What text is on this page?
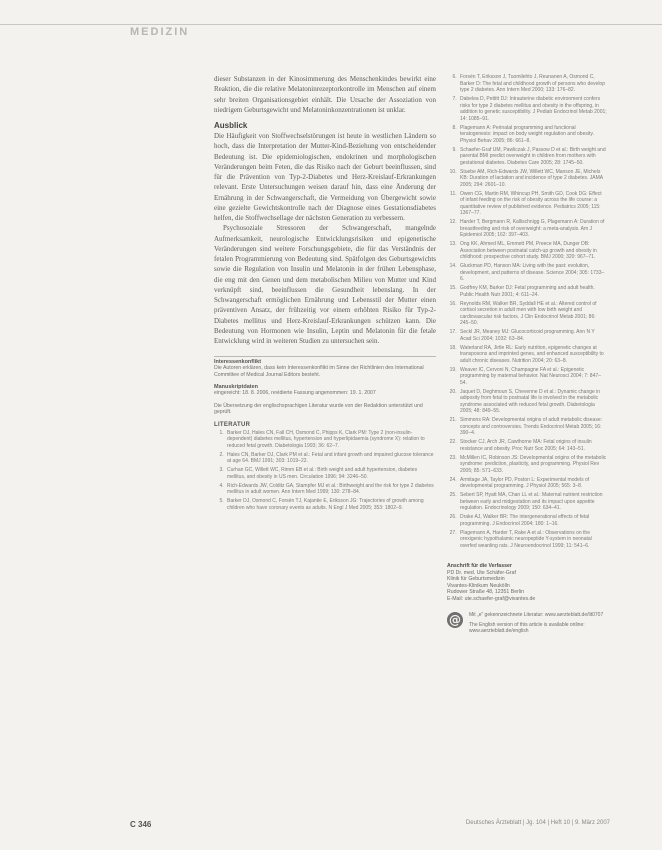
MEDIZIN

dieser Substanzen in der Kinosimmerung des Menschenkindes bewirkt eine Reaktion, die die relative Melatoninrezeptorkontrolle im Menschen auf einem sehr breiten Organisationsgebiet einhält. Die Ursache der Assoziation von niedrigem Geburtsgewicht und Melatoninkonzentrationen ist unklar.

Ausblick

Die Häufigkeit von Stoffwechselstörungen ist heute in westlichen Ländern so hoch, dass die Interpretation der Mutter-Kind-Beziehung von entscheidender Bedeutung ist. Die epidemiologischen, endokrinen und morphologischen Veränderungen beim Feten, die das Risiko nach der Geburt beeinflussen, sind für die Prävention von Typ-2-Diabetes und Herz-Kreislauf-Erkrankungen relevant. Erste Untersuchungen weisen darauf hin, dass eine Änderung der Ernährung in der Schwangerschaft, die Vermeidung von Übergewicht sowie eine gezielte Gewichtskontrolle nach der Diagnose eines Gestationsdiabetes helfen, die Stoffwechsellage der nächsten Generation zu verbessern.

Psychosoziale Stressoren der Schwangerschaft, mangelnde Aufmerksamkeit, neurologische Entwicklungsrisiken und epigenetische Veränderungen sind weitere Forschungsgebiete, die für das Verständnis der fetalen Programmierung von Bedeutung sind. Spätfolgen des Geburtsgewichts sowie die Regulation von Insulin und Melatonin in der frühen Lebensphase, die eng mit den Genen und dem metabolischen Milieu von Mutter und Kind verknüpft sind, beeinflussen die Gesundheit lebenslang. In der Schwangerschaft ermöglichen Ernährung und Lebensstil der Mutter einen präventiven Ansatz, der frühzeitig vor einem erhöhten Risiko für Typ-2-Diabetes mellitus und Herz-Kreislauf-Erkrankungen schützen kann. Die Bedeutung von Hormonen wie Insulin, Leptin und Melatonin für die fetale Entwicklung wird in weiteren Studien zu untersuchen sein.

Interessenkonflikt

Die Autoren erklären, dass kein Interessenkonflikt im Sinne der Richtlinien des International Committee of Medical Journal Editors besteht.

Manuskriptdaten

eingereicht: 18. 8. 2006, revidierte Fassung angenommen: 19. 1. 2007

Die Übersetzung der englischsprachigen Literatur wurde von der Redaktion unterstützt und geprüft.

LITERATUR
1. Barker DJ, Hales CN, Fall CH, Osmond C, Phipps K, Clark PM: Type 2 (non-insulin-dependent) diabetes mellitus, hypertension and hyperlipidaemia (syndrome X): relation to reduced fetal growth. Diabetologia 1993; 36: 62–7.
2. Hales CN, Barker DJ, Clark PM et al.: Fetal and infant growth and impaired glucose tolerance at age 64. BMJ 1991; 303: 1019–22.
3. Curhan GC, Willett WC, Rimm EB et al.: Birth weight and adult hypertension, diabetes mellitus, and obesity in US men. Circulation 1996; 94: 3246–50.
4. Rich-Edwards JW, Colditz GA, Stampfer MJ et al.: Birthweight and the risk for type 2 diabetes mellitus in adult women. Ann Intern Med 1999; 130: 278–84.
5. Barker DJ, Osmond C, Forsén TJ, Kajantie E, Eriksson JG: Trajectories of growth among children who have coronary events as adults. N Engl J Med 2005; 353: 1802–9.
6. Forsén T, Eriksson J, Tuomilehto J, Reunanen A, Osmond C, Barker D: The fetal and childhood growth of persons who develop type 2 diabetes. Ann Intern Med 2000; 133: 176–82.
7. Dabelea D, Pettitt DJ: Intrauterine diabetic environment confers risks for type 2 diabetes mellitus and obesity in the offspring, in addition to genetic susceptibility. J Pediatr Endocrinol Metab 2001; 14: 1085–91.
8. Plagemann A: Perinatal programming and functional teratogenesis: impact on body weight regulation and obesity. Physiol Behav 2005; 86: 661–8.
9. Schaefer-Graf UM, Pawliczak J, Passow D et al.: Birth weight and parental BMI predict overweight in children from mothers with gestational diabetes. Diabetes Care 2005; 28: 1745–50.
10. Stuebe AM, Rich-Edwards JW, Willett WC, Manson JE, Michels KB: Duration of lactation and incidence of type 2 diabetes. JAMA 2005; 294: 2601–10.
11. Owen CG, Martin RM, Whincup PH, Smith GD, Cook DG: Effect of infant feeding on the risk of obesity across the life course: a quantitative review of published evidence. Pediatrics 2005; 115: 1367–77.
12. Harder T, Bergmann R, Kallischnigg G, Plagemann A: Duration of breastfeeding and risk of overweight: a meta-analysis. Am J Epidemiol 2005; 162: 397–403.
13. Ong KK, Ahmed ML, Emmett PM, Preece MA, Dunger DB: Association between postnatal catch-up growth and obesity in childhood: prospective cohort study. BMJ 2000; 320: 967–71.
14. Gluckman PD, Hanson MA: Living with the past: evolution, development, and patterns of disease. Science 2004; 305: 1733–6.
15. Godfrey KM, Barker DJ: Fetal programming and adult health. Public Health Nutr 2001; 4: 611–24.
16. Reynolds RM, Walker BR, Syddall HE et al.: Altered control of cortisol secretion in adult men with low birth weight and cardiovascular risk factors. J Clin Endocrinol Metab 2001; 86: 245–50.
17. Seckl JR, Meaney MJ: Glucocorticoid programming. Ann N Y Acad Sci 2004; 1032: 63–84.
18. Waterland RA, Jirtle RL: Early nutrition, epigenetic changes at transposons and imprinted genes, and enhanced susceptibility to adult chronic diseases. Nutrition 2004; 20: 63–8.
19. Weaver IC, Cervoni N, Champagne FA et al.: Epigenetic programming by maternal behavior. Nat Neurosci 2004; 7: 847–54.
20. Jaquet D, Deghmoun S, Chevenne D et al.: Dynamic change in adiposity from fetal to postnatal life is involved in the metabolic syndrome associated with reduced fetal growth. Diabetologia 2005; 48: 849–55.
21. Simmons RA: Developmental origins of adult metabolic disease: concepts and controversies. Trends Endocrinol Metab 2005; 16: 390–4.
22. Stocker CJ, Arch JR, Cawthorne MA: Fetal origins of insulin resistance and obesity. Proc Nutr Soc 2005; 64: 143–51.
23. McMillen IC, Robinson JS: Developmental origins of the metabolic syndrome: prediction, plasticity, and programming. Physiol Rev 2005; 85: 571–633.
24. Armitage JA, Taylor PD, Poston L: Experimental models of developmental programming. J Physiol 2005; 565: 3–8.
25. Sebert SP, Hyatt MA, Chan LL et al.: Maternal nutrient restriction between early and midgestation and its impact upon appetite regulation. Endocrinology 2009; 150: 634–41.
26. Drake AJ, Walker BR: The intergenerational effects of fetal programming. J Endocrinol 2004; 180: 1–16.
27. Plagemann A, Harder T, Rake A et al.: Observations on the orexigenic hypothalamic neuropeptide Y-system in neonatal overfed weanling rats. J Neuroendocrinol 1999; 11: 541–6.
Anschrift für die Verfasser
PD Dr. med. Ute Schäfer-Graf
Klinik für Geburtsmedizin
Vivantes-Klinikum Neukölln
Rudower Straße 48, 12351 Berlin
E-Mail: ute.schaefer-graf@vivantes.de
@	Mit „e“ gekennzeichnete Literatur: www.aerzteblatt.de/lit0707
The English version of this article is available online: www.aerzteblatt.de/english
C 346	Deutsches Ärzteblatt | Jg. 104 | Heft 10 | 9. März 2007
